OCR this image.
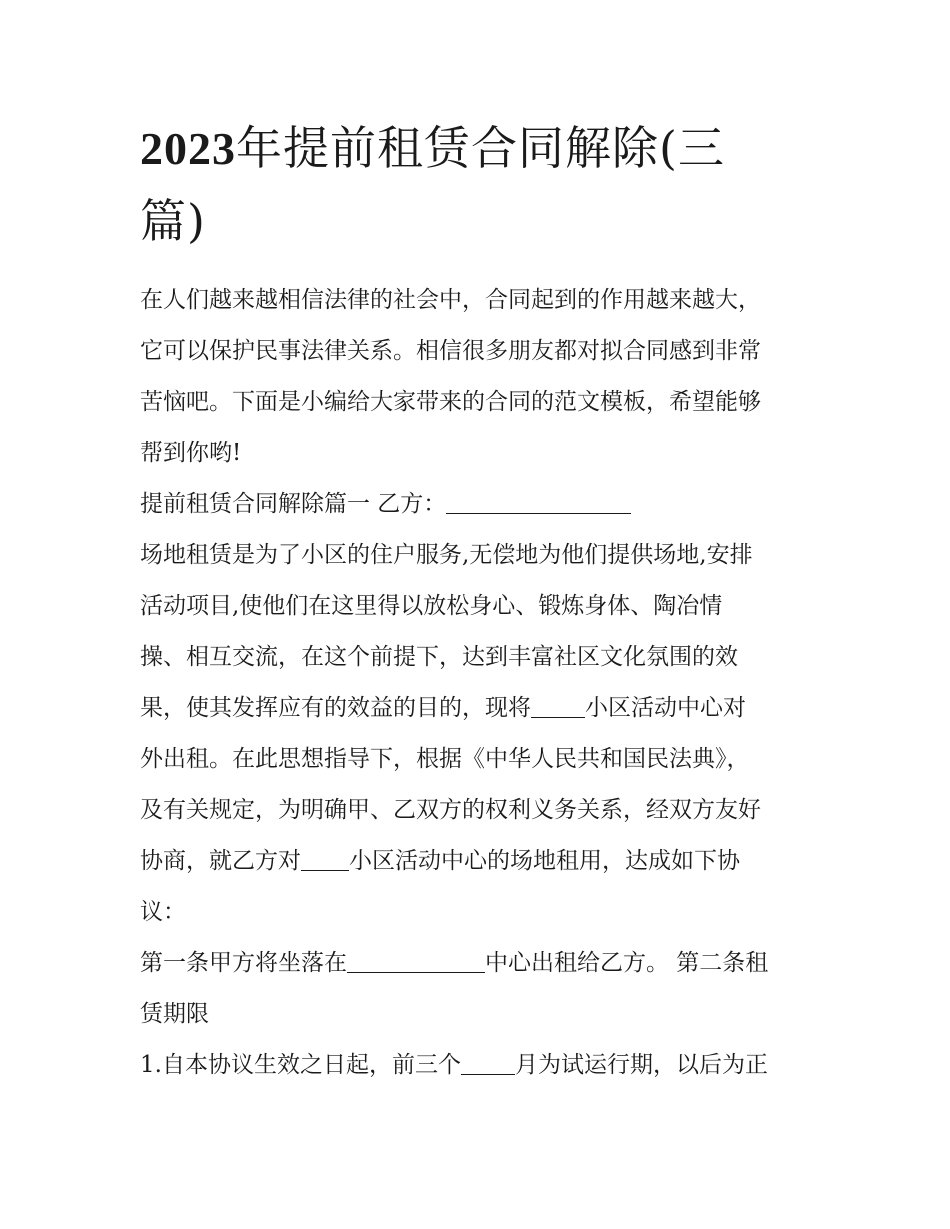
2023年提前租赁合同解除(三
篇)

在人们越来越相信法律的社会中，合同起到的作用越来越大，

它可以保护民事法律关系。相信很多朋友都对拟合同感到非常

苦恼吧。下面是小编给大家带来的合同的范文模板，希望能够

帮到你哟!

提前租赁合同解除篇一 乙方：

场地租赁是为了小区的住户服务,无偿地为他们提供场地,安排

活动项目,使他们在这里得以放松身心、锻炼身体、陶冶情

操、相互交流，在这个前提下，达到丰富社区文化氛围的效

果，使其发挥应有的效益的目的，现将 小区活动中心对

外出租。在此思想指导下，根据《中华人民共和国民法典》，

及有关规定，为明确甲、乙双方的权利义务关系，经双方友好

协商，就乙方对 小区活动中心的场地租用，达成如下协

议：

第一条甲方将坐落在	中心出租给乙方。 第二条租

赁期限

1.自本协议生效之日起，前三个 月为试运行期，以后为正
